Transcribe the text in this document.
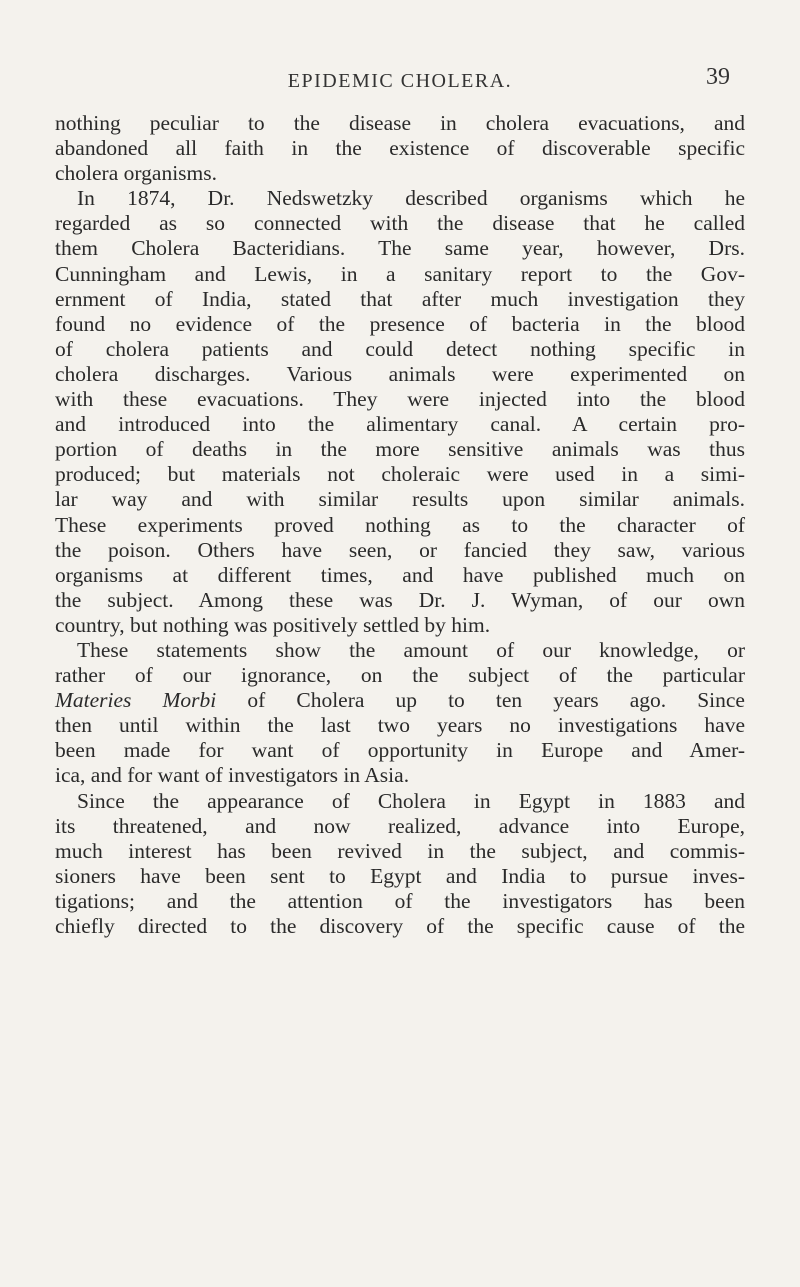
EPIDEMIC CHOLERA.	39
nothing peculiar to the disease in cholera evacuations, and
abandoned all faith in the existence of discoverable specific
cholera organisms.
In 1874, Dr. Nedswetzky described organisms which he
regarded as so connected with the disease that he called
them Cholera Bacteridians. The same year, however, Drs.
Cunningham and Lewis, in a sanitary report to the Gov-
ernment of India, stated that after much investigation they
found no evidence of the presence of bacteria in the blood
of cholera patients and could detect nothing specific in
cholera discharges. Various animals were experimented on
with these evacuations. They were injected into the blood
and introduced into the alimentary canal. A certain pro-
portion of deaths in the more sensitive animals was thus
produced; but materials not choleraic were used in a simi-
lar way and with similar results upon similar animals.
These experiments proved nothing as to the character of
the poison. Others have seen, or fancied they saw, various
organisms at different times, and have published much on
the subject. Among these was Dr. J. Wyman, of our own
country, but nothing was positively settled by him.
These statements show the amount of our knowledge, or
rather of our ignorance, on the subject of the particular
Materies Morbi of Cholera up to ten years ago. Since
then until within the last two years no investigations have
been made for want of opportunity in Europe and Amer-
ica, and for want of investigators in Asia.
Since the appearance of Cholera in Egypt in 1883 and
its threatened, and now realized, advance into Europe,
much interest has been revived in the subject, and commis-
sioners have been sent to Egypt and India to pursue inves-
tigations; and the attention of the investigators has been
chiefly directed to the discovery of the specific cause of the
